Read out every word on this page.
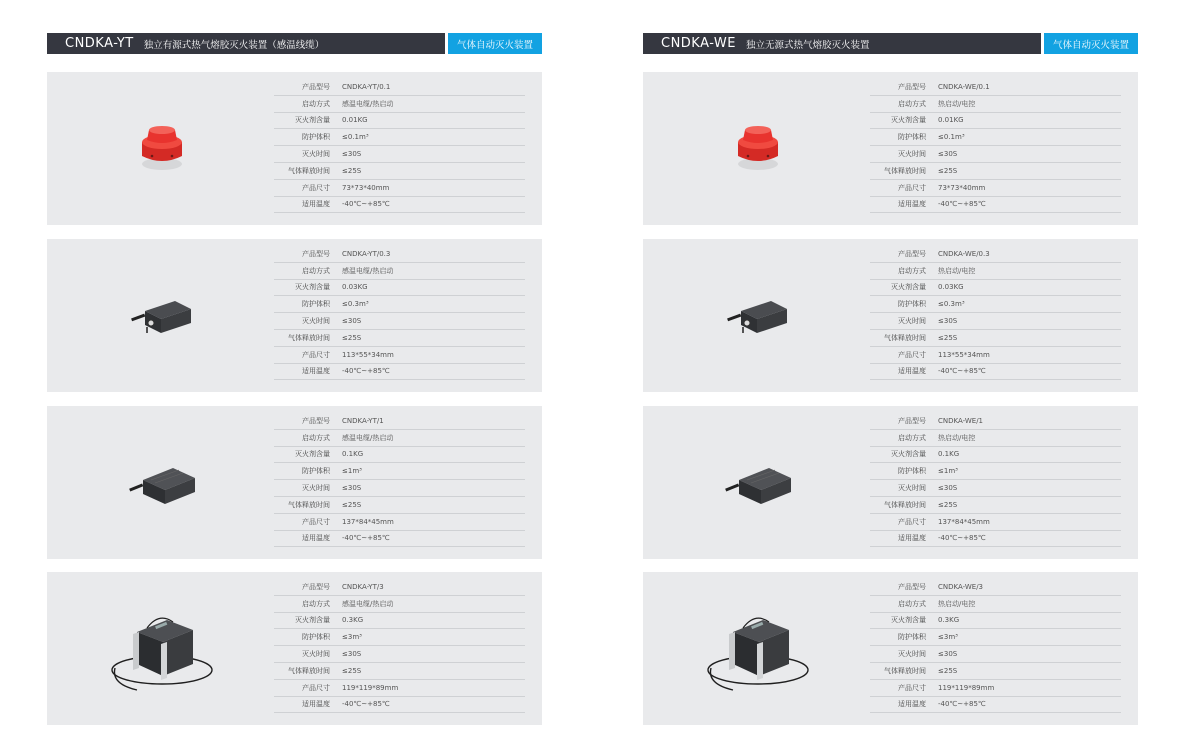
CNDKA-YT 独立有源式热气熔胶灭火装置（感温线缆）	气体自动灭火装置
产品型号	CNDKA-YT/0.1
启动方式	感温电缆/热启动
灭火剂含量	0.01KG
防护体积	≤0.1m³
灭火时间	≤30S
气体释放时间	≤25S
产品尺寸	73*73*40mm
适用温度	-40℃~+85℃
产品型号	CNDKA-YT/0.3
启动方式	感温电缆/热启动
灭火剂含量	0.03KG
防护体积	≤0.3m³
灭火时间	≤30S
气体释放时间	≤25S
产品尺寸	113*55*34mm
适用温度	-40℃~+85℃
产品型号	CNDKA-YT/1
启动方式	感温电缆/热启动
灭火剂含量	0.1KG
防护体积	≤1m³
灭火时间	≤30S
气体释放时间	≤25S
产品尺寸	137*84*45mm
适用温度	-40℃~+85℃
产品型号	CNDKA-YT/3
启动方式	感温电缆/热启动
灭火剂含量	0.3KG
防护体积	≤3m³
灭火时间	≤30S
气体释放时间	≤25S
产品尺寸	119*119*89mm
适用温度	-40℃~+85℃
CNDKA-WE 独立无源式热气熔胶灭火装置	气体自动灭火装置
产品型号	CNDKA-WE/0.1
启动方式	热启动/电控
灭火剂含量	0.01KG
防护体积	≤0.1m³
灭火时间	≤30S
气体释放时间	≤25S
产品尺寸	73*73*40mm
适用温度	-40℃~+85℃
产品型号	CNDKA-WE/0.3
启动方式	热启动/电控
灭火剂含量	0.03KG
防护体积	≤0.3m³
灭火时间	≤30S
气体释放时间	≤25S
产品尺寸	113*55*34mm
适用温度	-40℃~+85℃
产品型号	CNDKA-WE/1
启动方式	热启动/电控
灭火剂含量	0.1KG
防护体积	≤1m³
灭火时间	≤30S
气体释放时间	≤25S
产品尺寸	137*84*45mm
适用温度	-40℃~+85℃
产品型号	CNDKA-WE/3
启动方式	热启动/电控
灭火剂含量	0.3KG
防护体积	≤3m³
灭火时间	≤30S
气体释放时间	≤25S
产品尺寸	119*119*89mm
适用温度	-40℃~+85℃
